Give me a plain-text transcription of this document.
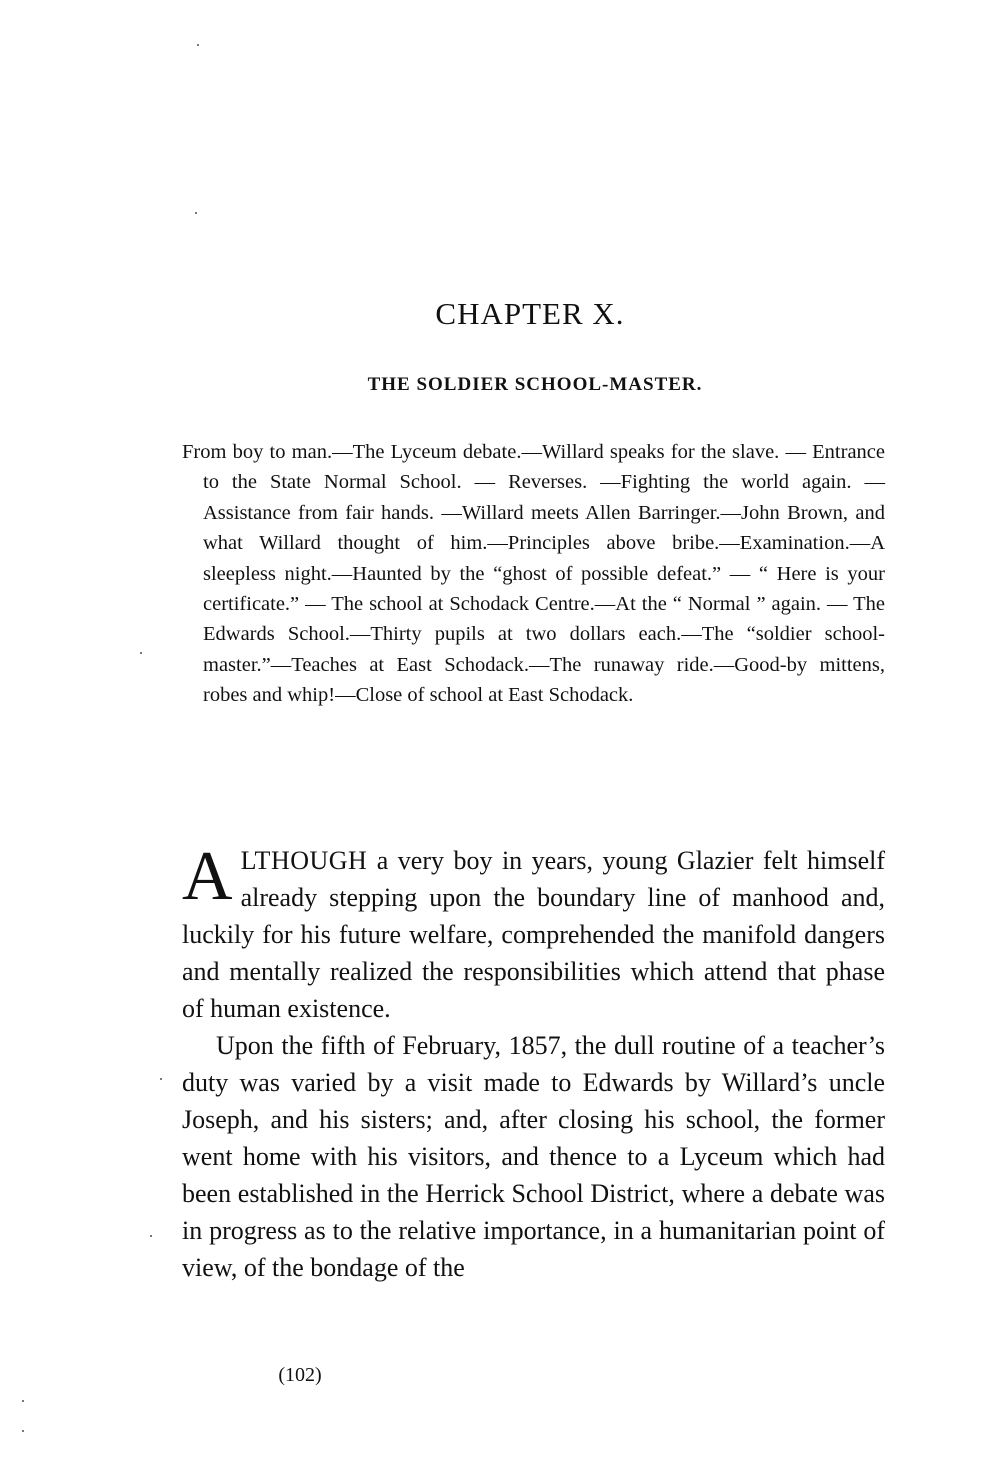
CHAPTER X.
THE SOLDIER SCHOOL-MASTER.
From boy to man.—The Lyceum debate.—Willard speaks for the slave. — Entrance to the State Normal School. — Reverses. —Fighting the world again. — Assistance from fair hands. —Willard meets Allen Barringer.—John Brown, and what Willard thought of him.—Principles above bribe.—Examination.—A sleepless night.—Haunted by the “ghost of possible defeat.” — “ Here is your certificate.” — The school at Schodack Centre.—At the “ Normal ” again. — The Edwards School.—Thirty pupils at two dollars each.—The “soldier school-master.”—Teaches at East Schodack.—The runaway ride.—Good-by mittens, robes and whip!—Close of school at East Schodack.

ALTHOUGH a very boy in years, young Glazier felt himself already stepping upon the boundary line of manhood and, luckily for his future welfare, comprehended the manifold dangers and mentally realized the responsibilities which attend that phase of human existence.

Upon the fifth of February, 1857, the dull routine of a teacher’s duty was varied by a visit made to Edwards by Willard’s uncle Joseph, and his sisters; and, after closing his school, the former went home with his visitors, and thence to a Lyceum which had been established in the Herrick School District, where a debate was in progress as to the relative importance, in a humanitarian point of view, of the bondage of the

(102)
